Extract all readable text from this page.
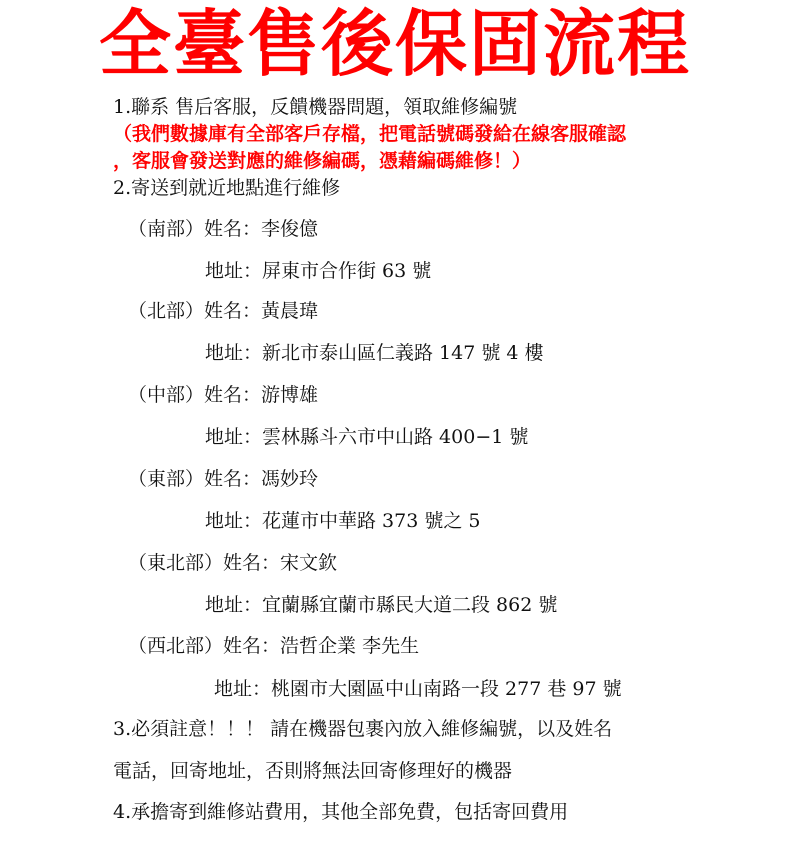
全臺售後保固流程
1.聯系 售后客服，反饋機器問題，領取維修編號
（我們數據庫有全部客戶存檔，把電話號碼發給在線客服確認
，客服會發送對應的維修編碼，憑藉編碼維修！）
2.寄送到就近地點進行維修
（南部）姓名：李俊億
地址：屏東市合作街 63 號
（北部）姓名：黃晨瑋
地址：新北市泰山區仁義路 147 號 4 樓
（中部）姓名：游博雄
地址：雲林縣斗六市中山路 400−1 號
（東部）姓名：馮妙玲
地址：花蓮市中華路 373 號之 5
（東北部）姓名：宋文欽
地址：宜蘭縣宜蘭市縣民大道二段 862 號
（西北部）姓名：浩哲企業 李先生
地址：桃園市大園區中山南路一段 277 巷 97 號
3.必須註意！！！ 請在機器包裹內放入維修編號，以及姓名
電話，回寄地址，否則將無法回寄修理好的機器
4.承擔寄到維修站費用，其他全部免費，包括寄回費用
